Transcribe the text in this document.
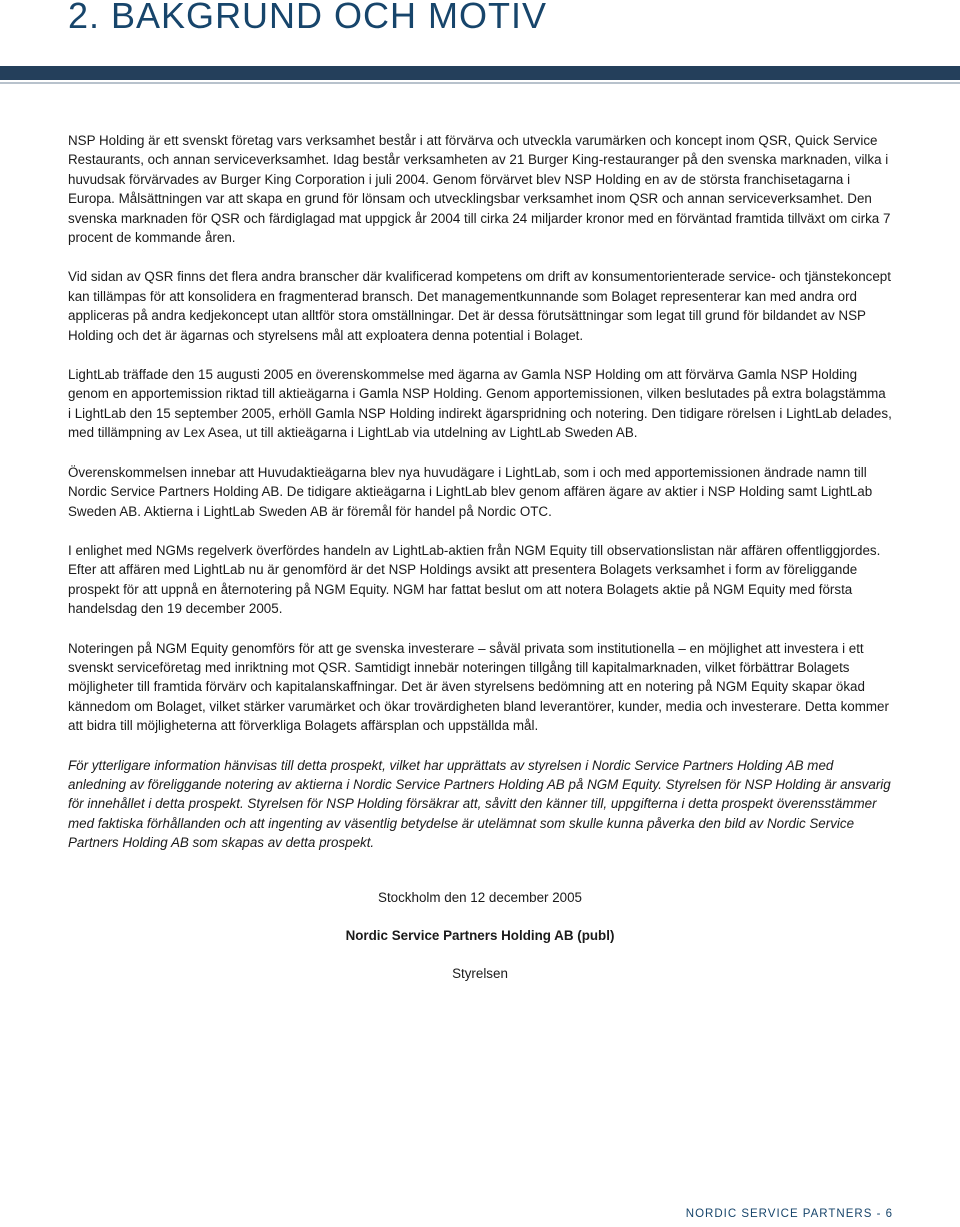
2. BAKGRUND OCH MOTIV

NSP Holding är ett svenskt företag vars verksamhet består i att förvärva och utveckla varumärken och koncept inom QSR, Quick Service Restaurants, och annan serviceverksamhet. Idag består verksamheten av 21 Burger King-restauranger på den svenska marknaden, vilka i huvudsak förvärvades av Burger King Corporation i juli 2004. Genom förvärvet blev NSP Holding en av de största franchisetagarna i Europa. Målsättningen var att skapa en grund för lönsam och utvecklingsbar verksamhet inom QSR och annan serviceverksamhet. Den svenska marknaden för QSR och färdiglagad mat uppgick år 2004 till cirka 24 miljarder kronor med en förväntad framtida tillväxt om cirka 7 procent de kommande åren.

Vid sidan av QSR finns det flera andra branscher där kvalificerad kompetens om drift av konsumentorienterade service- och tjänstekoncept kan tillämpas för att konsolidera en fragmenterad bransch. Det managementkunnande som Bolaget representerar kan med andra ord appliceras på andra kedjekoncept utan alltför stora omställningar. Det är dessa förutsättningar som legat till grund för bildandet av NSP Holding och det är ägarnas och styrelsens mål att exploatera denna potential i Bolaget.

LightLab träffade den 15 augusti 2005 en överenskommelse med ägarna av Gamla NSP Holding om att förvärva Gamla NSP Holding genom en apportemission riktad till aktieägarna i Gamla NSP Holding. Genom apportemissionen, vilken beslutades på extra bolagstämma i LightLab den 15 september 2005, erhöll Gamla NSP Holding indirekt ägarspridning och notering. Den tidigare rörelsen i LightLab delades, med tillämpning av Lex Asea, ut till aktieägarna i LightLab via utdelning av LightLab Sweden AB.

Överenskommelsen innebar att Huvudaktieägarna blev nya huvudägare i LightLab, som i och med apportemissionen ändrade namn till Nordic Service Partners Holding AB. De tidigare aktieägarna i LightLab blev genom affären ägare av aktier i NSP Holding samt LightLab Sweden AB. Aktierna i LightLab Sweden AB är föremål för handel på Nordic OTC.

I enlighet med NGMs regelverk överfördes handeln av LightLab-aktien från NGM Equity till observationslistan när affären offentliggjordes. Efter att affären med LightLab nu är genomförd är det NSP Holdings avsikt att presentera Bolagets verksamhet i form av föreliggande prospekt för att uppnå en åternotering på NGM Equity. NGM har fattat beslut om att notera Bolagets aktie på NGM Equity med första handelsdag den 19 december 2005.

Noteringen på NGM Equity genomförs för att ge svenska investerare – såväl privata som institutionella – en möjlighet att investera i ett svenskt serviceföretag med inriktning mot QSR. Samtidigt innebär noteringen tillgång till kapitalmarknaden, vilket förbättrar Bolagets möjligheter till framtida förvärv och kapitalanskaffningar. Det är även styrelsens bedömning att en notering på NGM Equity skapar ökad kännedom om Bolaget, vilket stärker varumärket och ökar trovärdigheten bland leverantörer, kunder, media och investerare. Detta kommer att bidra till möjligheterna att förverkliga Bolagets affärsplan och uppställda mål.

För ytterligare information hänvisas till detta prospekt, vilket har upprättats av styrelsen i Nordic Service Partners Holding AB med anledning av föreliggande notering av aktierna i Nordic Service Partners Holding AB på NGM Equity. Styrelsen för NSP Holding är ansvarig för innehållet i detta prospekt. Styrelsen för NSP Holding försäkrar att, såvitt den känner till, uppgifterna i detta prospekt överensstämmer med faktiska förhållanden och att ingenting av väsentlig betydelse är utelämnat som skulle kunna påverka den bild av Nordic Service Partners Holding AB som skapas av detta prospekt.

Stockholm den 12 december 2005
Nordic Service Partners Holding AB (publ)
Styrelsen
NORDIC SERVICE PARTNERS - 6
